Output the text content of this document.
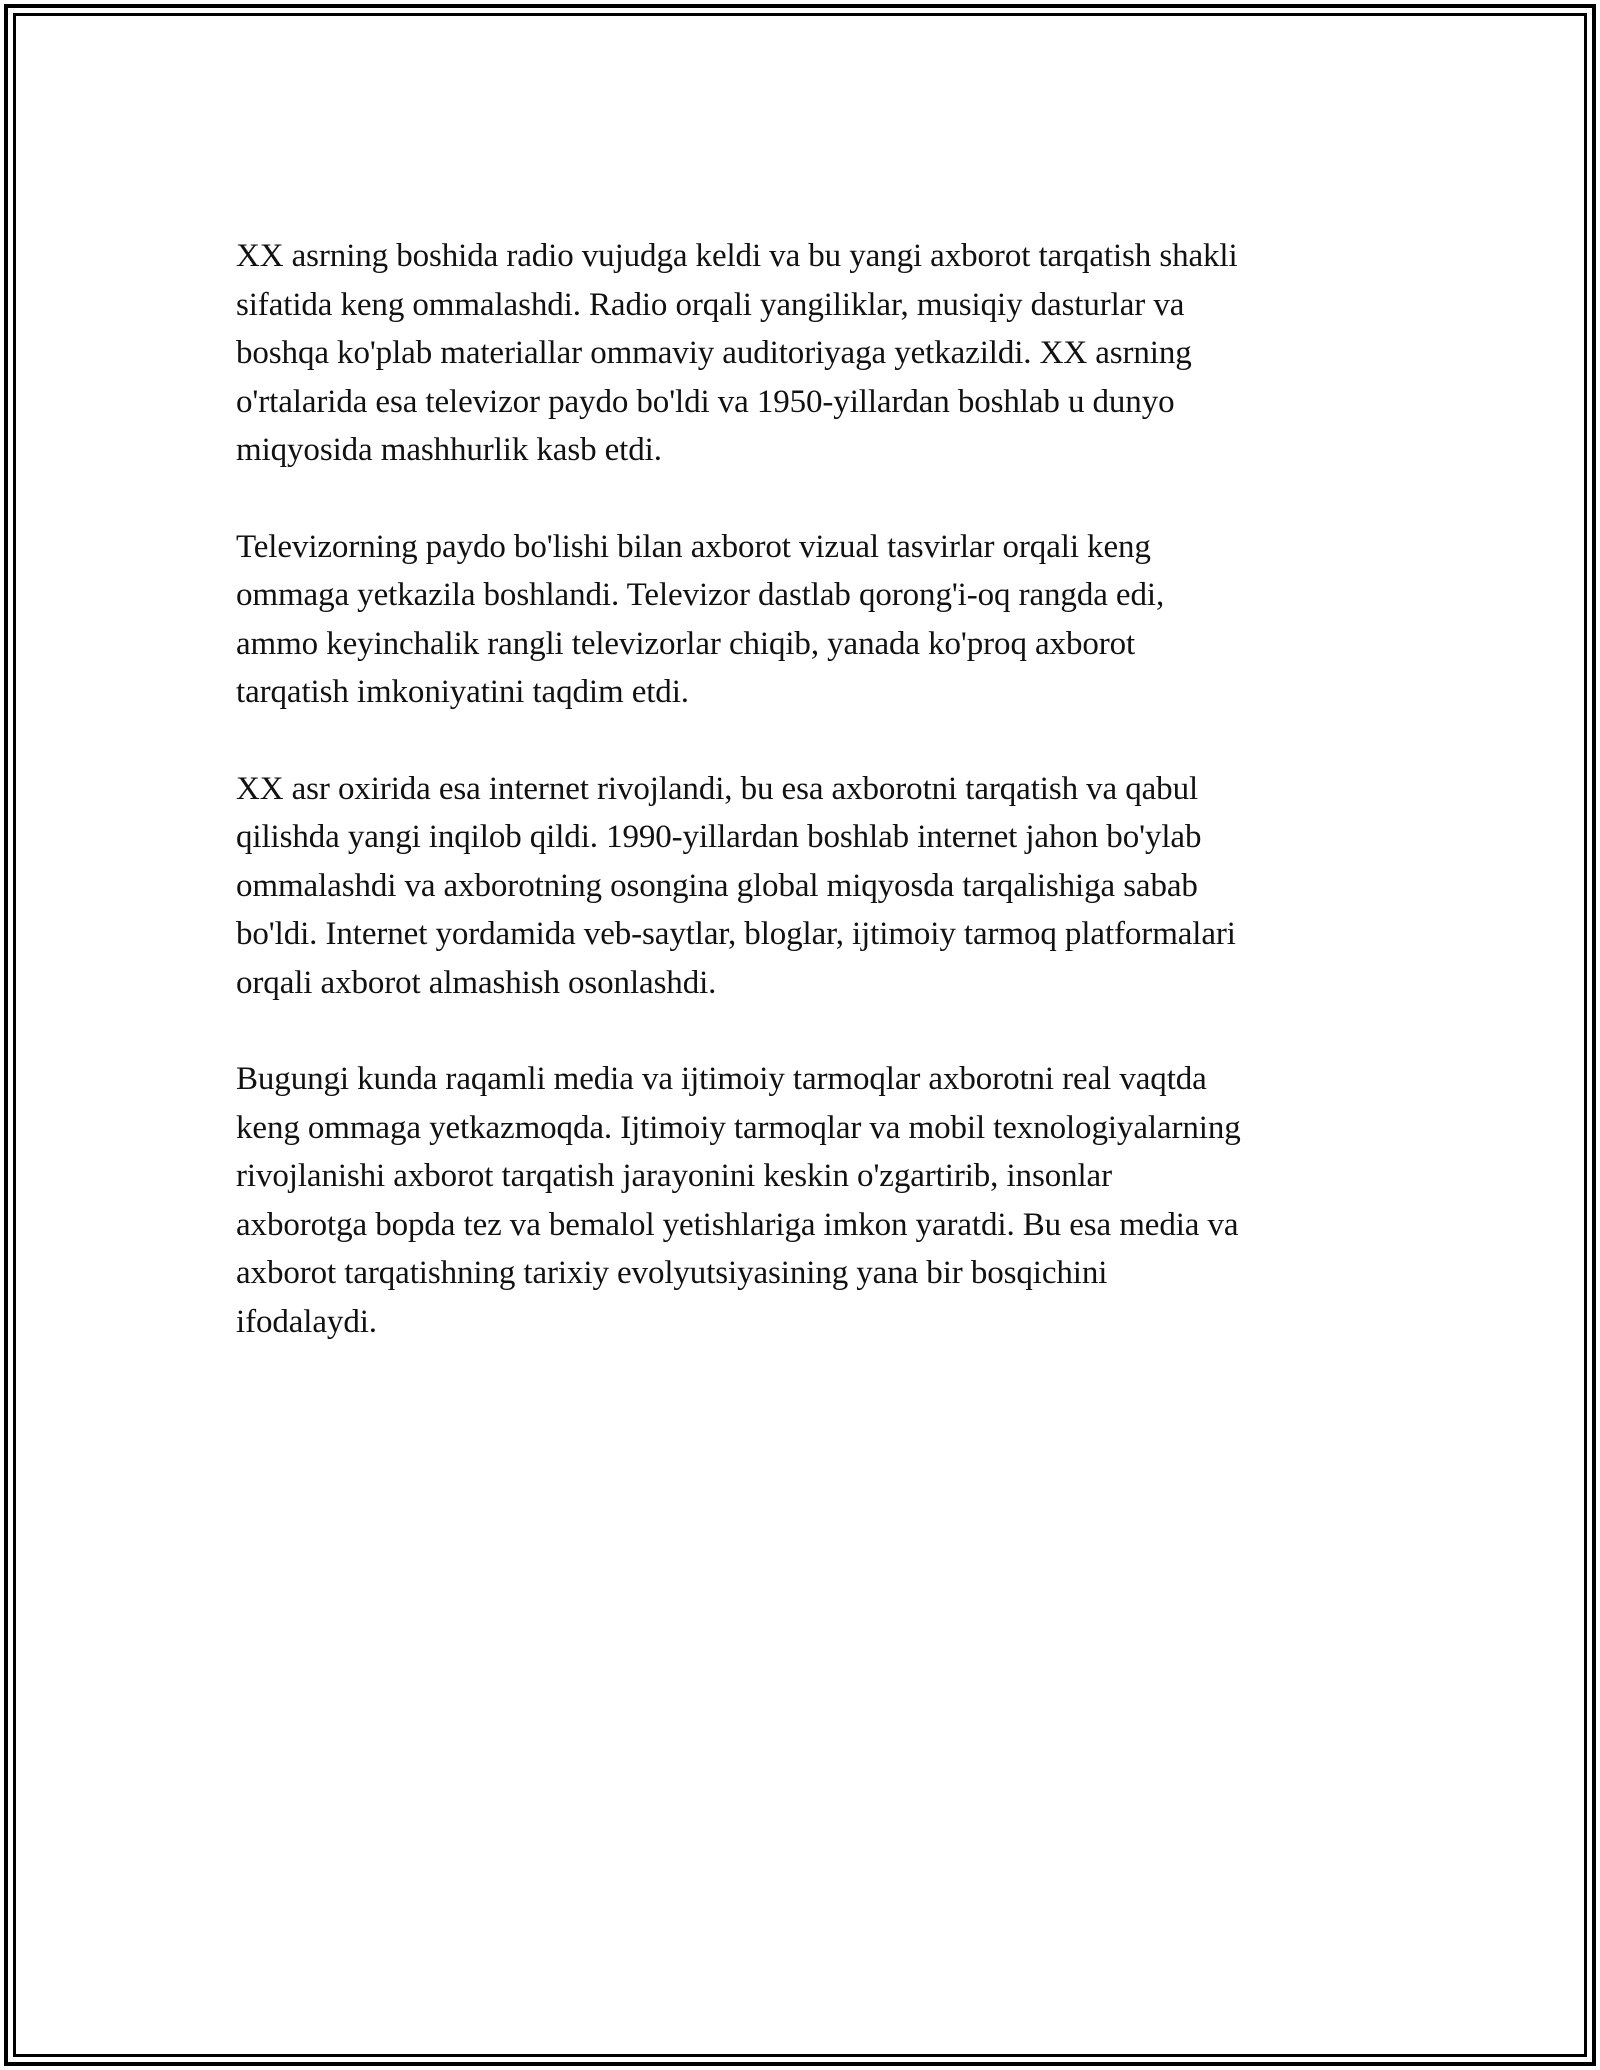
XX asrning boshida radio vujudga keldi va bu yangi axborot tarqatish shakli
sifatida keng ommalashdi. Radio orqali yangiliklar, musiqiy dasturlar va
boshqa ko'plab materiallar ommaviy auditoriyaga yetkazildi. XX asrning
o'rtalarida esa televizor paydo bo'ldi va 1950-yillardan boshlab u dunyo
miqyosida mashhurlik kasb etdi.

Televizorning paydo bo'lishi bilan axborot vizual tasvirlar orqali keng
ommaga yetkazila boshlandi. Televizor dastlab qorong'i-oq rangda edi,
ammo keyinchalik rangli televizorlar chiqib, yanada ko'proq axborot
tarqatish imkoniyatini taqdim etdi.

XX asr oxirida esa internet rivojlandi, bu esa axborotni tarqatish va qabul
qilishda yangi inqilob qildi. 1990-yillardan boshlab internet jahon bo'ylab
ommalashdi va axborotning osongina global miqyosda tarqalishiga sabab
bo'ldi. Internet yordamida veb-saytlar, bloglar, ijtimoiy tarmoq platformalari
orqali axborot almashish osonlashdi.

Bugungi kunda raqamli media va ijtimoiy tarmoqlar axborotni real vaqtda
keng ommaga yetkazmoqda. Ijtimoiy tarmoqlar va mobil texnologiyalarning
rivojlanishi axborot tarqatish jarayonini keskin o'zgartirib, insonlar
axborotga bopda tez va bemalol yetishlariga imkon yaratdi. Bu esa media va
axborot tarqatishning tarixiy evolyutsiyasining yana bir bosqichini
ifodalaydi.
